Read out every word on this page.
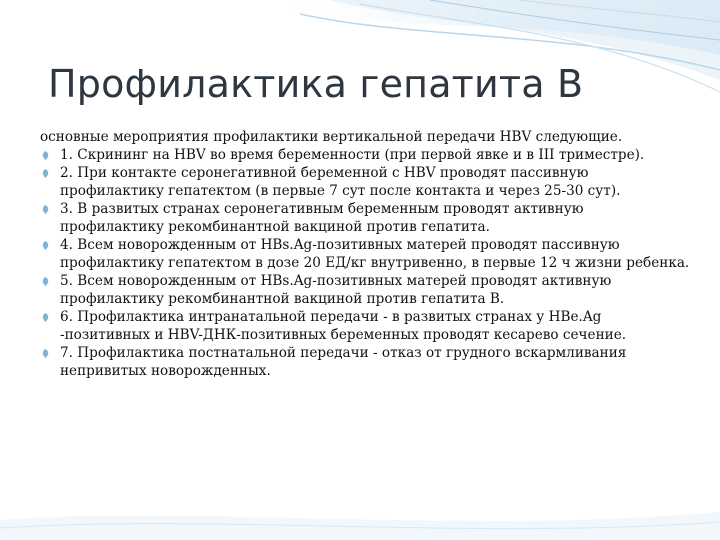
Профилактика гепатита В
основные мероприятия профилактики вертикальной передачи HBV следующие.
1. Скрининг на HBV во время беременности (при первой явке и в III триместре).
2. При контакте серонегативной беременной с HBV проводят пассивную профилактику гепатектом (в первые 7 сут после контакта и через 25-30 сут).
3. В развитых странах серонегативным беременным проводят активную профилактику рекомбинантной вакциной против гепатита.
4. Всем новорожденным от HBs.Ag-позитивных матерей проводят пассивную профилактику гепатектом в дозе 20 ЕД/кг внутривенно, в первые 12 ч жизни ребенка.
5. Всем новорожденным от HBs.Ag-позитивных матерей проводят активную профилактику рекомбинантной вакциной против гепатита В.
6. Профилактика интранатальной передачи - в развитых странах у HBe.Ag -позитивных и HBV-ДНК-позитивных беременных проводят кесарево сечение.
7. Профилактика постнатальной передачи - отказ от грудного вскармливания непривитых новорожденных.
